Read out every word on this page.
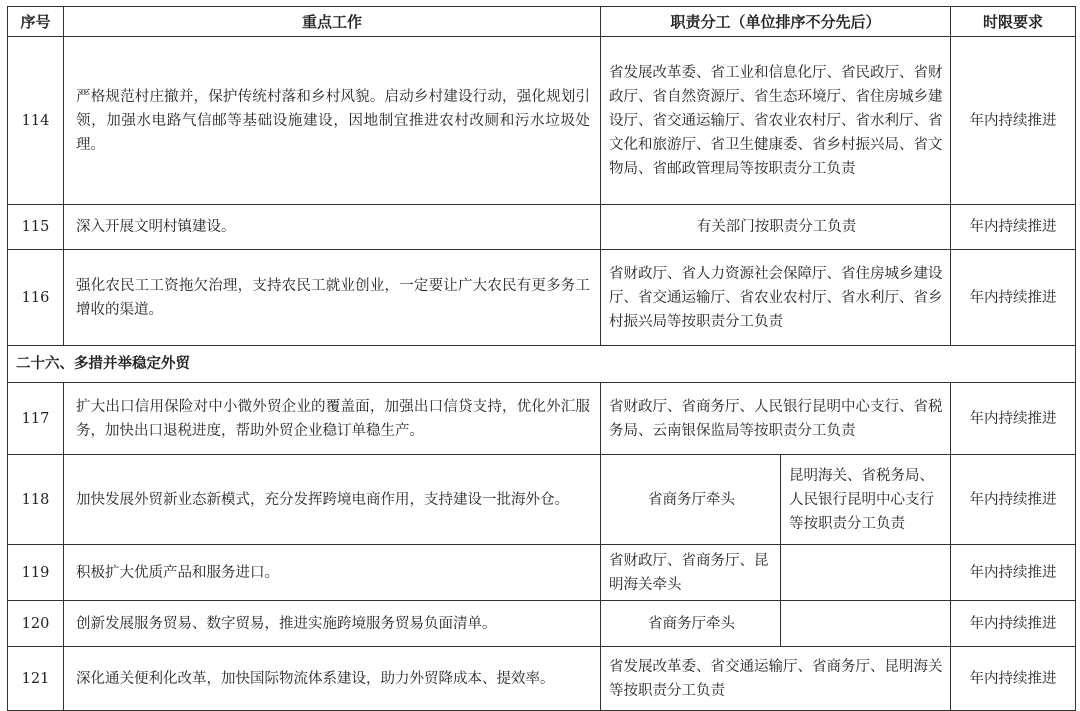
序号	重点工作	职责分工（单位排序不分先后）		时限要求
114	严格规范村庄撤并，保护传统村落和乡村风貌。启动乡村建设行动，强化规划引领，加强水电路气信邮等基础设施建设，因地制宜推进农村改厕和污水垃圾处理。	省发展改革委、省工业和信息化厅、省民政厅、省财政厅、省自然资源厅、省生态环境厅、省住房城乡建设厅、省交通运输厅、省农业农村厅、省水利厅、省文化和旅游厅、省卫生健康委、省乡村振兴局、省文物局、省邮政管理局等按职责分工负责		年内持续推进
115	深入开展文明村镇建设。	有关部门按职责分工负责		年内持续推进
116	强化农民工工资拖欠治理，支持农民工就业创业，一定要让广大农民有更多务工增收的渠道。	省财政厅、省人力资源社会保障厅、省住房城乡建设厅、省交通运输厅、省农业农村厅、省水利厅、省乡村振兴局等按职责分工负责		年内持续推进
二十六、多措并举稳定外贸				
117	扩大出口信用保险对中小微外贸企业的覆盖面，加强出口信贷支持，优化外汇服务，加快出口退税进度，帮助外贸企业稳订单稳生产。	省财政厅、省商务厅、人民银行昆明中心支行、省税务局、云南银保监局等按职责分工负责		年内持续推进
118	加快发展外贸新业态新模式，充分发挥跨境电商作用，支持建设一批海外仓。	省商务厅牵头	昆明海关、省税务局、人民银行昆明中心支行等按职责分工负责	年内持续推进
119	积极扩大优质产品和服务进口。	省财政厅、省商务厅、昆明海关牵头		年内持续推进
120	创新发展服务贸易、数字贸易，推进实施跨境服务贸易负面清单。	省商务厅牵头		年内持续推进
121	深化通关便利化改革，加快国际物流体系建设，助力外贸降成本、提效率。	省发展改革委、省交通运输厅、省商务厅、昆明海关等按职责分工负责		年内持续推进
